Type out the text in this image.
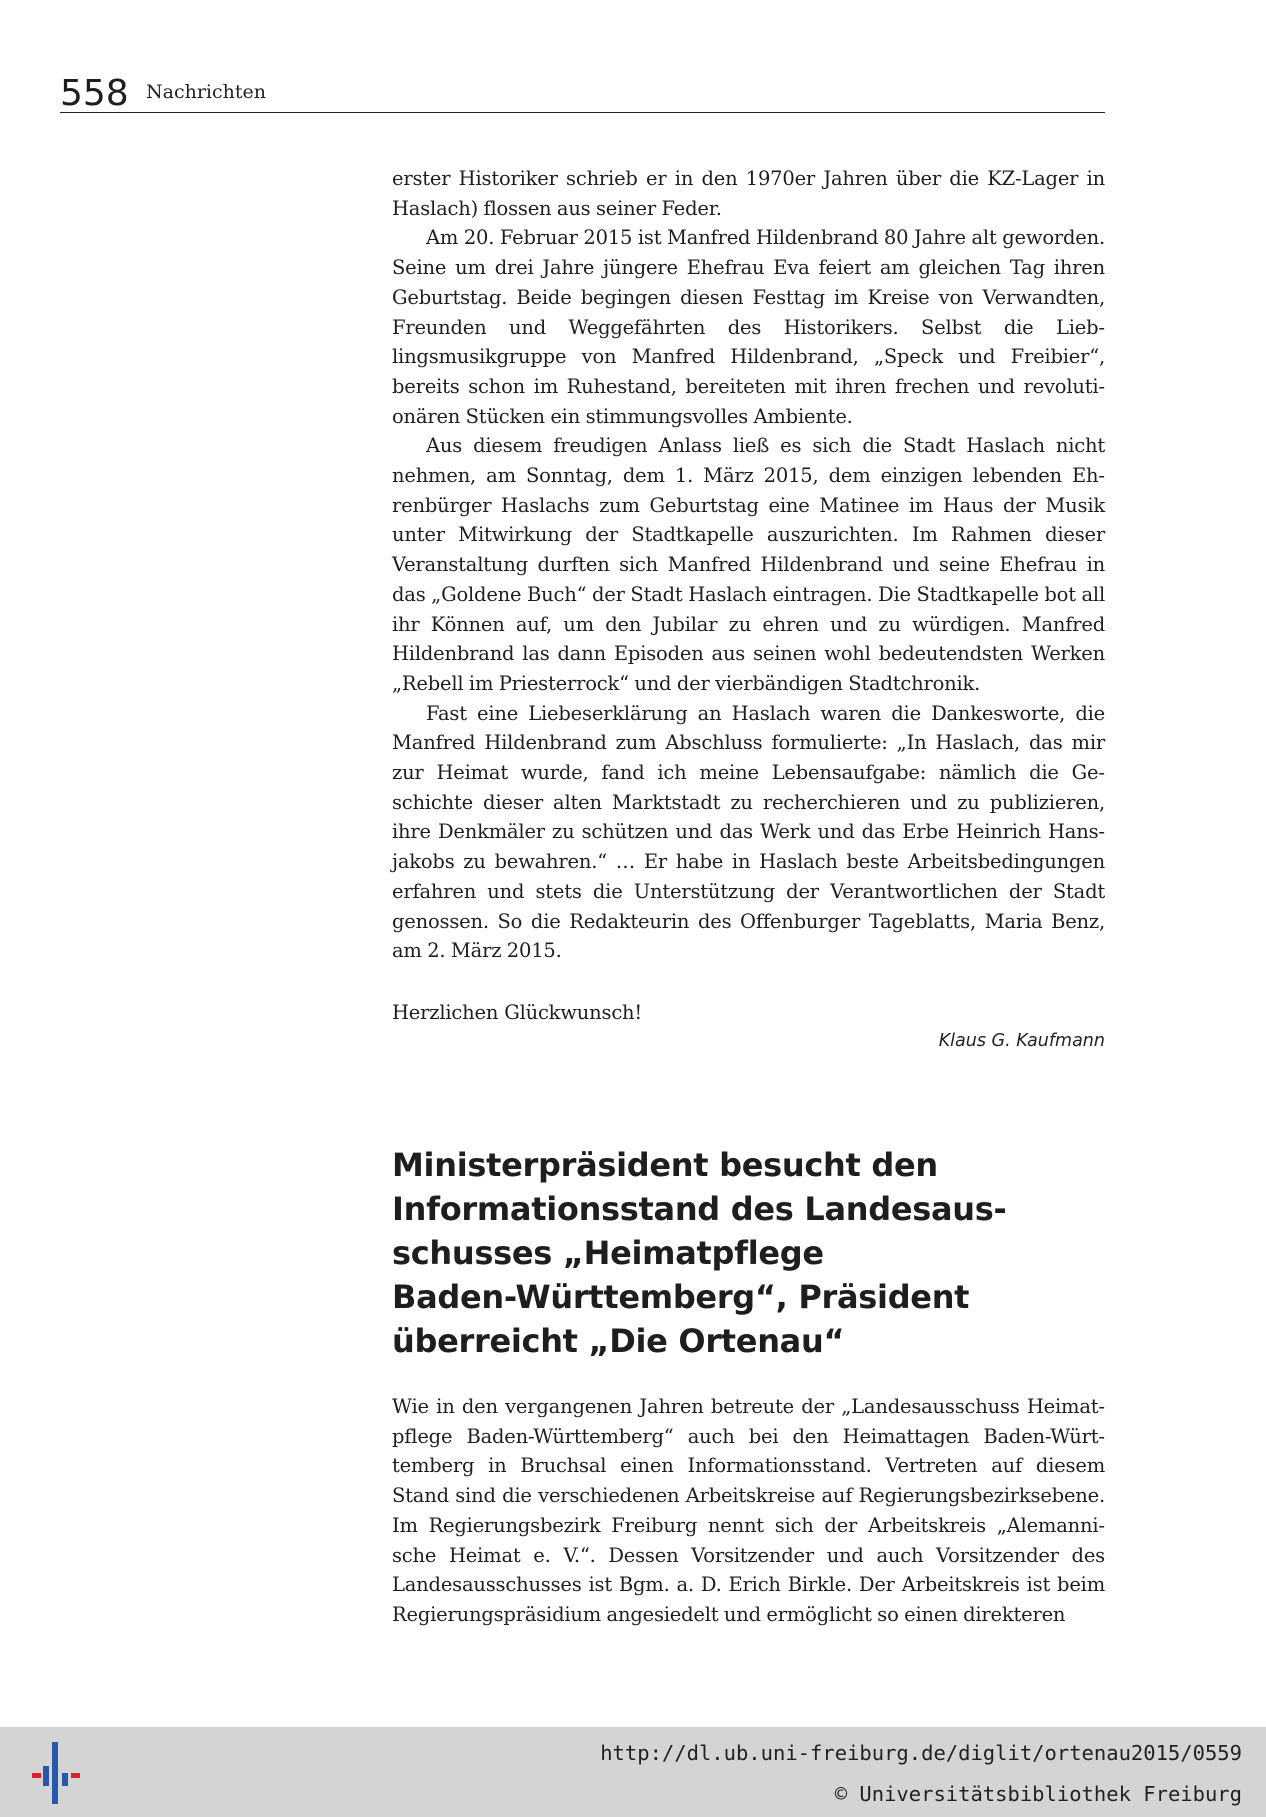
558 Nachrichten

erster Historiker schrieb er in den 1970er Jahren über die KZ-Lager in Haslach) flossen aus seiner Feder.

Am 20. Februar 2015 ist Manfred Hildenbrand 80 Jahre alt geworden. Seine um drei Jahre jüngere Ehefrau Eva feiert am gleichen Tag ihren Geburtstag. Beide begingen diesen Festtag im Kreise von Verwandten, Freunden und Weggefährten des Historikers. Selbst die Lieblingsmusikgruppe von Manfred Hildenbrand, „Speck und Freibier“, bereits schon im Ruhestand, bereiteten mit ihren frechen und revolutionären Stücken ein stimmungsvolles Ambiente.

Aus diesem freudigen Anlass ließ es sich die Stadt Haslach nicht nehmen, am Sonntag, dem 1. März 2015, dem einzigen lebenden Ehrenbürger Haslachs zum Geburtstag eine Matinee im Haus der Musik unter Mitwirkung der Stadtkapelle auszurichten. Im Rahmen dieser Veranstaltung durften sich Manfred Hildenbrand und seine Ehefrau in das „Goldene Buch“ der Stadt Haslach eintragen. Die Stadtkapelle bot all ihr Können auf, um den Jubilar zu ehren und zu würdigen. Manfred Hildenbrand las dann Episoden aus seinen wohl bedeutendsten Werken „Rebell im Priesterrock“ und der vierbändigen Stadtchronik.

Fast eine Liebeserklärung an Haslach waren die Dankesworte, die Manfred Hildenbrand zum Abschluss formulierte: „In Haslach, das mir zur Heimat wurde, fand ich meine Lebensaufgabe: nämlich die Geschichte dieser alten Marktstadt zu recherchieren und zu publizieren, ihre Denkmäler zu schützen und das Werk und das Erbe Heinrich Hansjakobs zu bewahren.“ … Er habe in Haslach beste Arbeitsbedingungen erfahren und stets die Unterstützung der Verantwortlichen der Stadt genossen. So die Redakteurin des Offenburger Tageblatts, Maria Benz, am 2. März 2015.

Herzlichen Glückwunsch!
Klaus G. Kaufmann
Ministerpräsident besucht den
Informationsstand des Landesaus-
schusses „Heimatpflege
Baden-Württemberg“, Präsident
überreicht „Die Ortenau“

Wie in den vergangenen Jahren betreute der „Landesausschuss Heimatpflege Baden-Württemberg“ auch bei den Heimattagen Baden-Württemberg in Bruchsal einen Informationsstand. Vertreten auf diesem Stand sind die verschiedenen Arbeitskreise auf Regierungsbezirksebene. Im Regierungsbezirk Freiburg nennt sich der Arbeitskreis „Alemannische Heimat e. V.“. Dessen Vorsitzender und auch Vorsitzender des Landesausschusses ist Bgm. a. D. Erich Birkle. Der Arbeitskreis ist beim Regierungspräsidium angesiedelt und ermöglicht so einen direkteren

http://dl.ub.uni-freiburg.de/diglit/ortenau2015/0559
© Universitätsbibliothek Freiburg
